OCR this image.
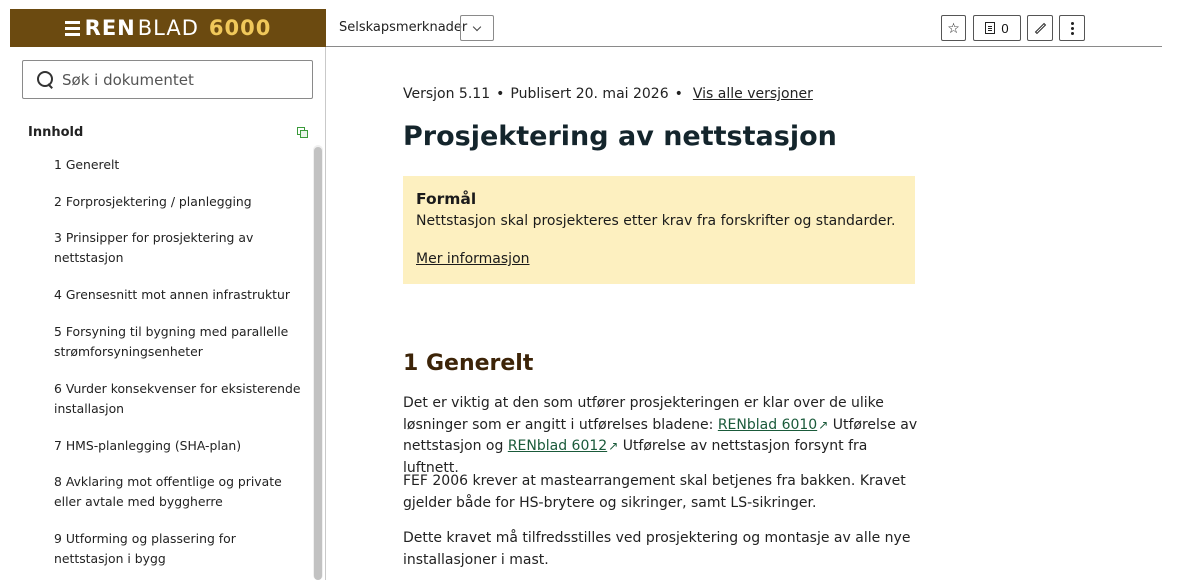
REN BLAD 6000
Søk i dokumentet
Innhold
1 Generelt
2 Forprosjektering / planlegging
3 Prinsipper for prosjektering av nettstasjon
4 Grensesnitt mot annen infrastruktur
5 Forsyning til bygning med parallelle strømforsyningsenheter
6 Vurder konsekvenser for eksisterende installasjon
7 HMS-planlegging (SHA-plan)
8 Avklaring mot offentlige og private eller avtale med byggherre
9 Utforming og plassering for nettstasjon i bygg
Selskapsmerknader	☆	0
Versjon 5.11 • Publisert 20. mai 2026 • Vis alle versjoner
Prosjektering av nettstasjon
Formål

Nettstasjon skal prosjekteres etter krav fra forskrifter og standarder.

Mer informasjon
1 Generelt

Det er viktig at den som utfører prosjekteringen er klar over de ulike løsninger som er angitt i utførelses bladene: RENblad 6010↗ Utførelse av nettstasjon og RENblad 6012↗ Utførelse av nettstasjon forsynt fra luftnett.

FEF 2006 krever at mastearrangement skal betjenes fra bakken. Kravet gjelder både for HS-brytere og sikringer, samt LS-sikringer.

Dette kravet må tilfredsstilles ved prosjektering og montasje av alle nye installasjoner i mast.
